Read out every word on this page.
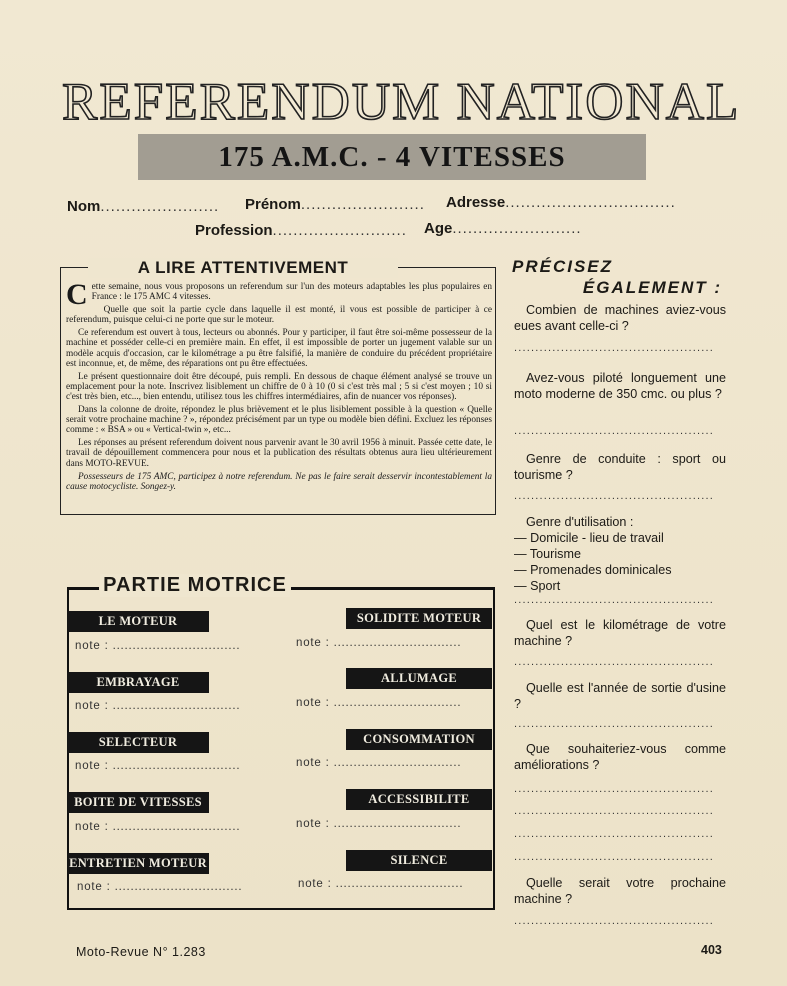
REFERENDUM NATIONAL
175 A.M.C. - 4 VITESSES
Nom....................... Prénom........................ Adresse.................................
Profession.......................... Age.........................
A LIRE ATTENTIVEMENT

Cette semaine, nous vous proposons un referendum sur l'un des moteurs adaptables les plus populaires en France : le 175 AMC 4 vitesses.

Quelle que soit la partie cycle dans laquelle il est monté, il vous est possible de participer à ce referendum, puisque celui-ci ne porte que sur le moteur.

Ce referendum est ouvert à tous, lecteurs ou abonnés. Pour y participer, il faut être soi-même possesseur de la machine et posséder celle-ci en première main. En effet, il est impossible de porter un jugement valable sur un modèle acquis d'occasion, car le kilométrage a pu être falsifié, la manière de conduire du précédent propriétaire est inconnue, et, de même, des réparations ont pu être effectuées.

Le présent questionnaire doit être découpé, puis rempli. En dessous de chaque élément analysé se trouve un emplacement pour la note. Inscrivez lisiblement un chiffre de 0 à 10 (0 si c'est très mal ; 5 si c'est moyen ; 10 si c'est très bien, etc..., bien entendu, utilisez tous les chiffres intermédiaires, afin de nuancer vos réponses).

Dans la colonne de droite, répondez le plus brièvement et le plus lisiblement possible à la question « Quelle serait votre prochaine machine ? », répondez précisément par un type ou modèle bien défini. Excluez les réponses comme : « BSA » ou « Vertical-twin », etc...

Les réponses au présent referendum doivent nous parvenir avant le 30 avril 1956 à minuit. Passée cette date, le travail de dépouillement commencera pour nous et la publication des résultats obtenus aura lieu ultérieurement dans MOTO-REVUE.

Possesseurs de 175 AMC, participez à notre referendum. Ne pas le faire serait desservir incontestablement la cause motocycliste. Songez-y.

PRÉCISEZ
ÉGALEMENT :
Combien de machines aviez-vous eues avant celle-ci ?
...............................................
Avez-vous piloté longuement une moto moderne de 350 cmc. ou plus ?
...............................................
Genre de conduite : sport ou tourisme ?
...............................................
Genre d'utilisation :
— Domicile - lieu de travail
— Tourisme
— Promenades dominicales
— Sport
...............................................
Quel est le kilométrage de votre machine ?
...............................................
Quelle est l'année de sortie d'usine ?
...............................................
Que souhaiteriez-vous comme améliorations ?
...............................................
...............................................
...............................................
...............................................
Quelle serait votre prochaine machine ?
...............................................
PARTIE MOTRICE
LE MOTEUR
EMBRAYAGE
SELECTEUR
BOITE DE VITESSES
ENTRETIEN MOTEUR
SOLIDITE MOTEUR
ALLUMAGE
CONSOMMATION
ACCESSIBILITE
SILENCE
note : ................................
note : ................................
note : ................................
note : ................................
note : ................................
note : ................................
note : ................................
note : ................................
note : ................................
note : ................................
Moto-Revue N° 1.283	403
